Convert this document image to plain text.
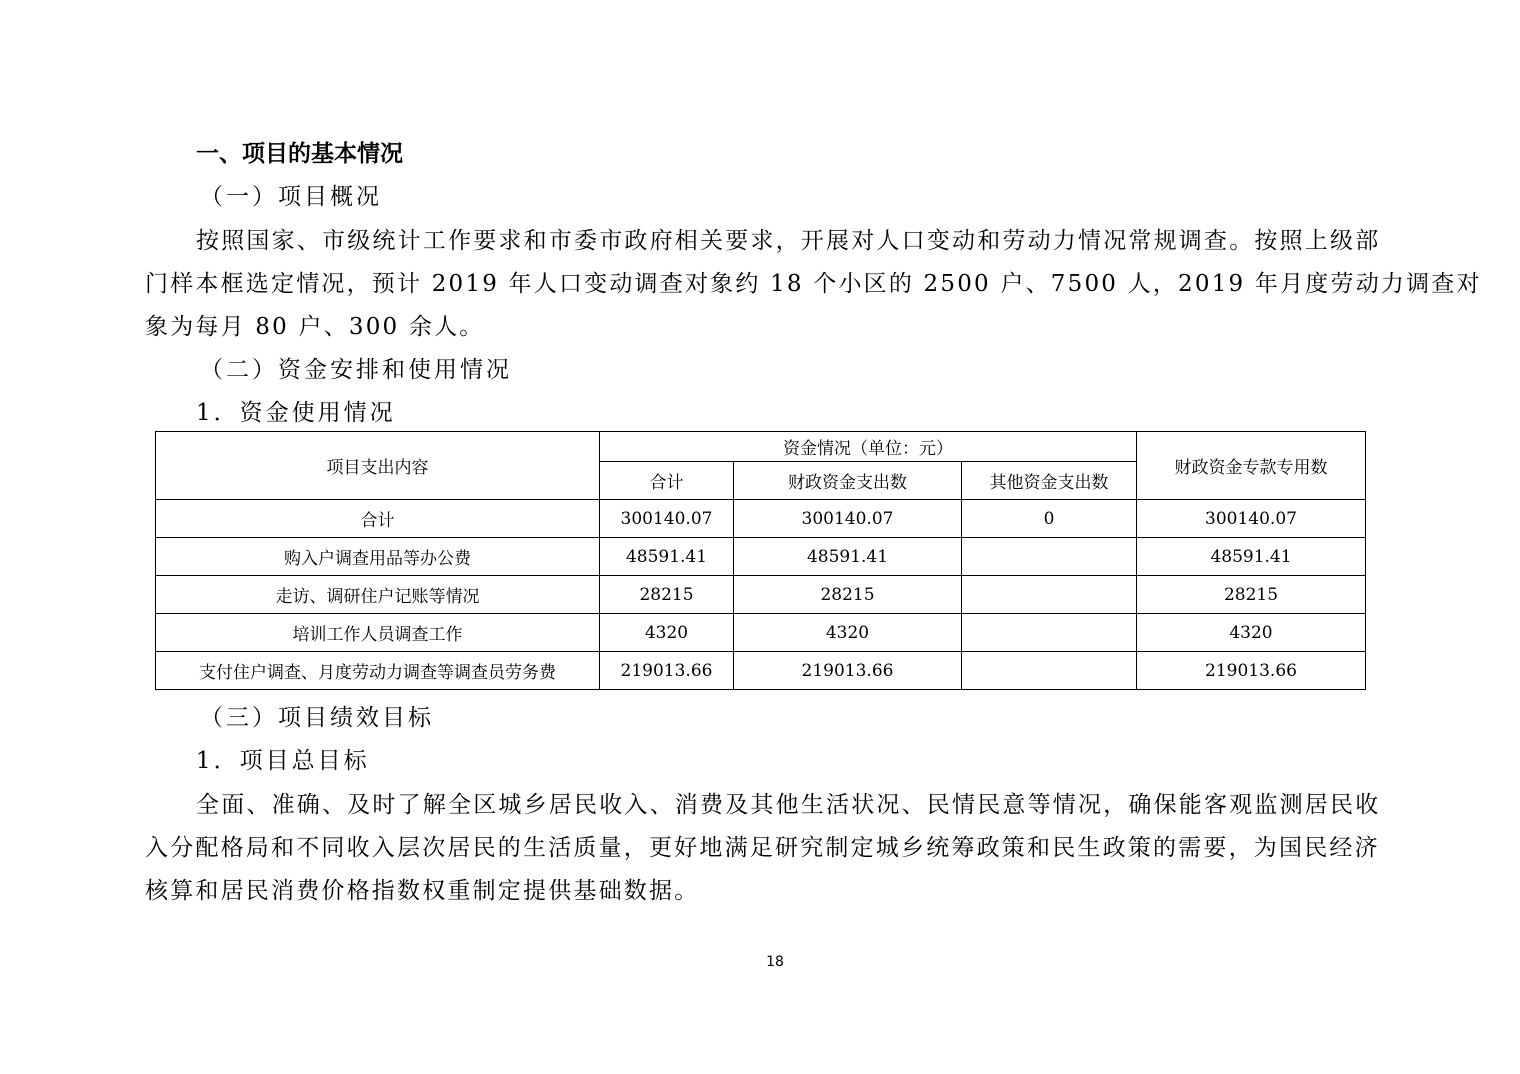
一、项目的基本情况
（一）项目概况
按照国家、市级统计工作要求和市委市政府相关要求，开展对人口变动和劳动力情况常规调查。按照上级部
门样本框选定情况，预计 2019 年人口变动调查对象约 18 个小区的 2500 户、7500 人，2019 年月度劳动力调查对
象为每月 80 户、300 余人。
（二）资金安排和使用情况
1．资金使用情况
项目支出内容	资金情况（单位：元）			财政资金专款专用数
	合计	财政资金支出数	其他资金支出数	
合计	300140.07	300140.07	0	300140.07
购入户调查用品等办公费	48591.41	48591.41		48591.41
走访、调研住户记账等情况	28215	28215		28215
培训工作人员调查工作	4320	4320		4320
支付住户调查、月度劳动力调查等调查员劳务费	219013.66	219013.66		219013.66
（三）项目绩效目标
1．项目总目标
全面、准确、及时了解全区城乡居民收入、消费及其他生活状况、民情民意等情况，确保能客观监测居民收
入分配格局和不同收入层次居民的生活质量，更好地满足研究制定城乡统筹政策和民生政策的需要，为国民经济
核算和居民消费价格指数权重制定提供基础数据。
18
